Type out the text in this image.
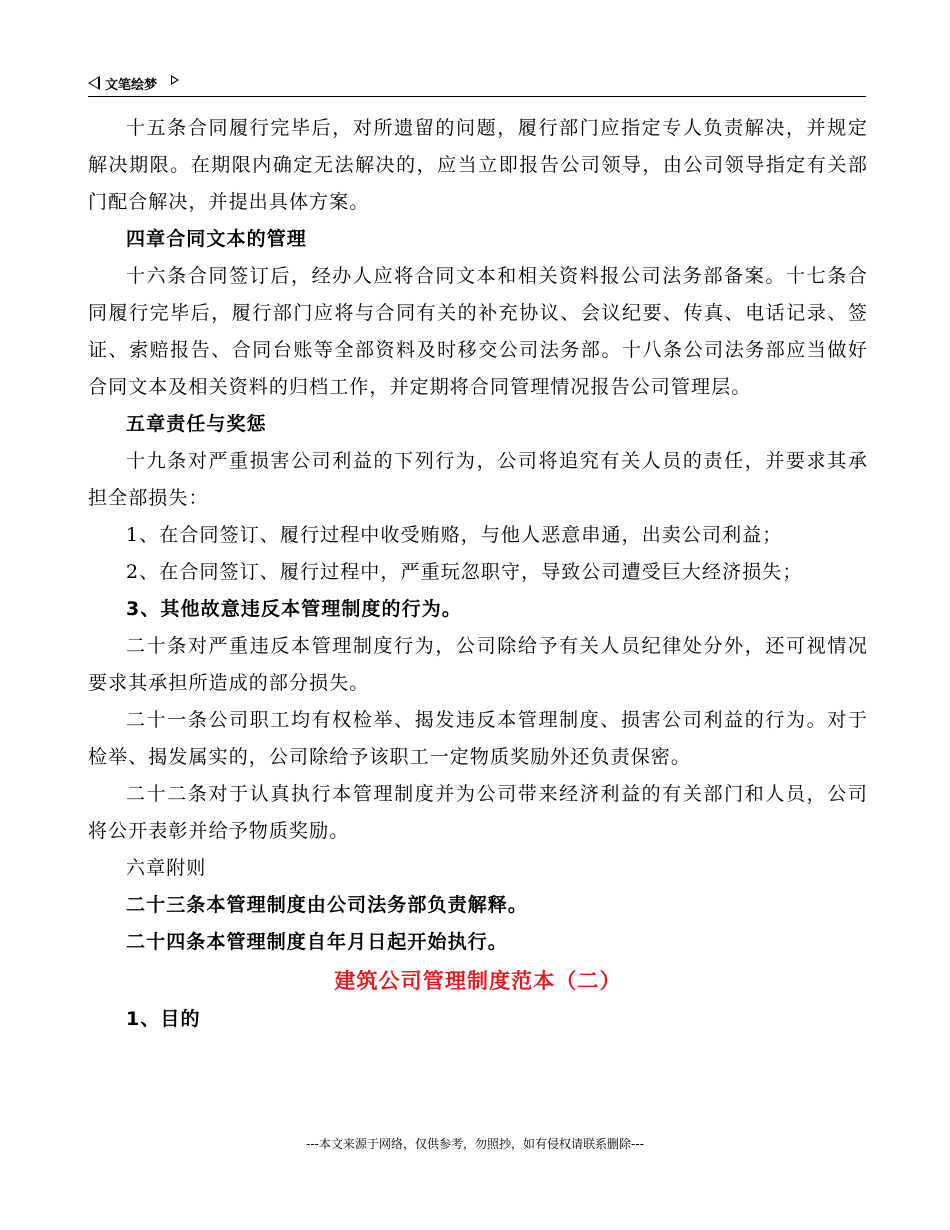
文笔绘梦

十五条合同履行完毕后，对所遗留的问题，履行部门应指定专人负责解决，并规定解决期限。在期限内确定无法解决的，应当立即报告公司领导，由公司领导指定有关部门配合解决，并提出具体方案。

四章合同文本的管理

十六条合同签订后，经办人应将合同文本和相关资料报公司法务部备案。十七条合同履行完毕后，履行部门应将与合同有关的补充协议、会议纪要、传真、电话记录、签证、索赔报告、合同台账等全部资料及时移交公司法务部。十八条公司法务部应当做好合同文本及相关资料的归档工作，并定期将合同管理情况报告公司管理层。

五章责任与奖惩

十九条对严重损害公司利益的下列行为，公司将追究有关人员的责任，并要求其承担全部损失：

1、在合同签订、履行过程中收受贿赂，与他人恶意串通，出卖公司利益；

2、在合同签订、履行过程中，严重玩忽职守，导致公司遭受巨大经济损失；

3、其他故意违反本管理制度的行为。

二十条对严重违反本管理制度行为，公司除给予有关人员纪律处分外，还可视情况要求其承担所造成的部分损失。

二十一条公司职工均有权检举、揭发违反本管理制度、损害公司利益的行为。对于检举、揭发属实的，公司除给予该职工一定物质奖励外还负责保密。

二十二条对于认真执行本管理制度并为公司带来经济利益的有关部门和人员，公司将公开表彰并给予物质奖励。

六章附则

二十三条本管理制度由公司法务部负责解释。

二十四条本管理制度自年月日起开始执行。

建筑公司管理制度范本（二）

1、目的

---本文来源于网络，仅供参考，勿照抄，如有侵权请联系删除---
